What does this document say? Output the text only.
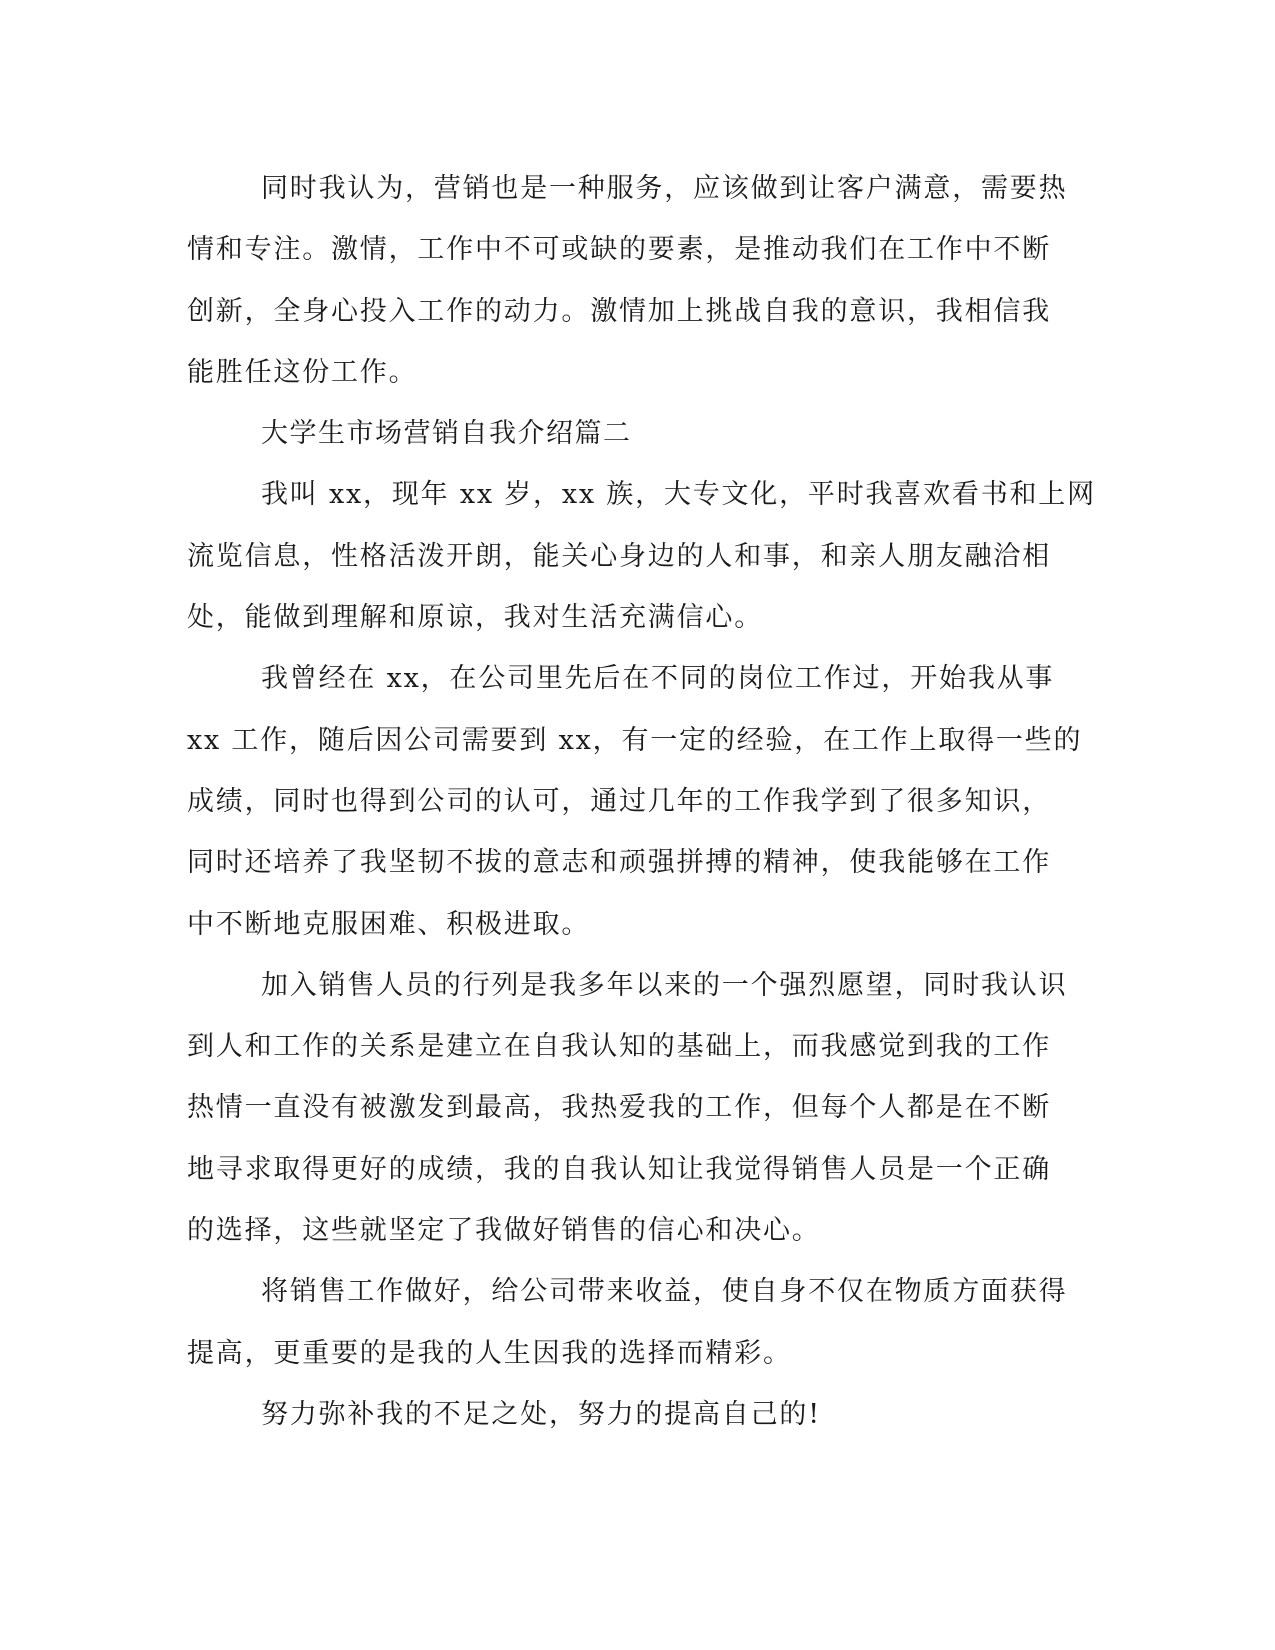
同时我认为，营销也是一种服务，应该做到让客户满意，需要热
情和专注。激情，工作中不可或缺的要素，是推动我们在工作中不断
创新，全身心投入工作的动力。激情加上挑战自我的意识，我相信我
能胜任这份工作。
大学生市场营销自我介绍篇二
我叫 xx，现年 xx 岁，xx 族，大专文化，平时我喜欢看书和上网
流览信息，性格活泼开朗，能关心身边的人和事，和亲人朋友融洽相
处，能做到理解和原谅，我对生活充满信心。
我曾经在 xx，在公司里先后在不同的岗位工作过，开始我从事
xx 工作，随后因公司需要到 xx，有一定的经验，在工作上取得一些的
成绩，同时也得到公司的认可，通过几年的工作我学到了很多知识，
同时还培养了我坚韧不拔的意志和顽强拼搏的精神，使我能够在工作
中不断地克服困难、积极进取。
加入销售人员的行列是我多年以来的一个强烈愿望，同时我认识
到人和工作的关系是建立在自我认知的基础上，而我感觉到我的工作
热情一直没有被激发到最高，我热爱我的工作，但每个人都是在不断
地寻求取得更好的成绩，我的自我认知让我觉得销售人员是一个正确
的选择，这些就坚定了我做好销售的信心和决心。
将销售工作做好，给公司带来收益，使自身不仅在物质方面获得
提高，更重要的是我的人生因我的选择而精彩。
努力弥补我的不足之处，努力的提高自己的!
